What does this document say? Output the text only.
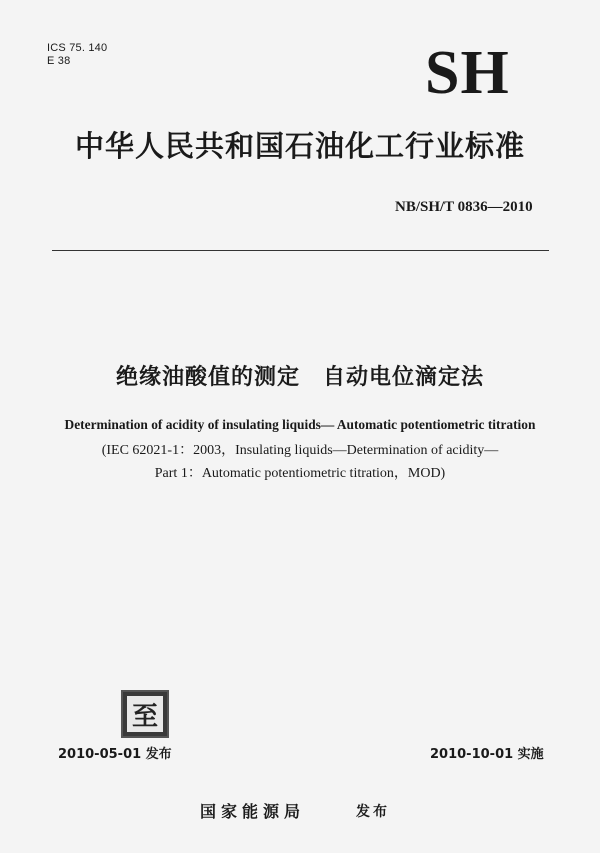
ICS 75. 140
E 38	SH
中华人民共和国石油化工行业标准
NB/SH/T 0836—2010
绝缘油酸值的测定　自动电位滴定法
Determination of acidity of insulating liquids— Automatic potentiometric titration
(IEC 62021-1：2003，Insulating liquids—Determination of acidity—
Part 1：Automatic potentiometric titration，MOD)
至
2010-05-01 发布	2010-10-01 实施
国家能源局	发布
